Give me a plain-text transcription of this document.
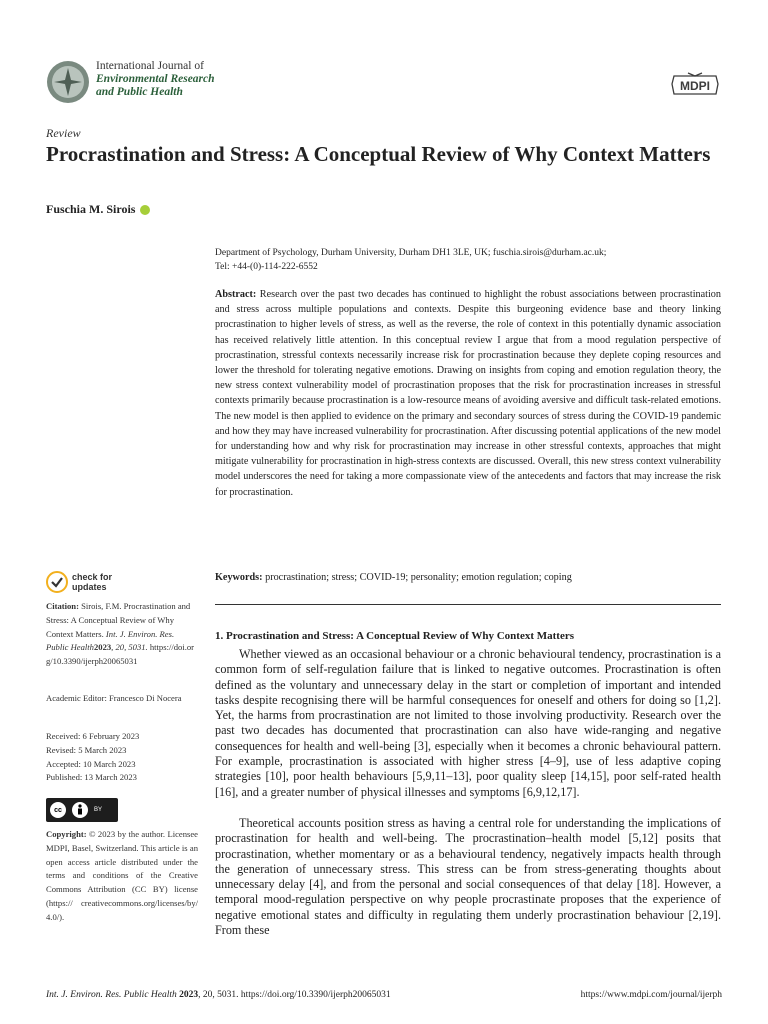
International Journal of
Environmental Research
and Public Health	MDPI
Review
Procrastination and Stress: A Conceptual Review of Why Context Matters
Fuschia M. Sirois
Department of Psychology, Durham University, Durham DH1 3LE, UK; fuschia.sirois@durham.ac.uk;
Tel: +44-(0)-114-222-6552
Abstract: Research over the past two decades has continued to highlight the robust associations between procrastination and stress across multiple populations and contexts. Despite this burgeoning evidence base and theory linking procrastination to higher levels of stress, as well as the reverse, the role of context in this potentially dynamic association has received relatively little attention. In this conceptual review I argue that from a mood regulation perspective of procrastination, stressful contexts necessarily increase risk for procrastination because they deplete coping resources and lower the threshold for tolerating negative emotions. Drawing on insights from coping and emotion regulation theory, the new stress context vulnerability model of procrastination proposes that the risk for procrastination increases in stressful contexts primarily because procrastination is a low-resource means of avoiding aversive and difficult task-related emotions. The new model is then applied to evidence on the primary and secondary sources of stress during the COVID-19 pandemic and how they may have increased vulnerability for procrastination. After discussing potential applications of the new model for understanding how and why risk for procrastination may increase in other stressful contexts, approaches that might mitigate vulnerability for procrastination in high-stress contexts are discussed. Overall, this new stress context vulnerability model underscores the need for taking a more compassionate view of the antecedents and factors that may increase the risk for procrastination.
Keywords: procrastination; stress; COVID-19; personality; emotion regulation; coping
check for
updates
Citation: Sirois, F.M. Procrastination and Stress: A Conceptual Review of Why Context Matters. Int. J. Environ. Res. Public Health2023, 20, 5031. https://doi.org/10.3390/ijerph20065031
Academic Editor: Francesco Di Nocera
Received: 6 February 2023
Revised: 5 March 2023
Accepted: 10 March 2023
Published: 13 March 2023
cc	BY
Copyright: © 2023 by the author. Licensee MDPI, Basel, Switzerland. This article is an open access article distributed under the terms and conditions of the Creative Commons Attribution (CC BY) license (https:// creativecommons.org/licenses/by/ 4.0/).
1. Procrastination and Stress: A Conceptual Review of Why Context Matters

Whether viewed as an occasional behaviour or a chronic behavioural tendency, procrastination is a common form of self-regulation failure that is linked to negative outcomes. Procrastination is often defined as the voluntary and unnecessary delay in the start or completion of important and intended tasks despite recognising there will be harmful consequences for oneself and others for doing so [1,2]. Yet, the harms from procrastination are not limited to those involving productivity. Research over the past two decades has documented that procrastination can also have wide-ranging and negative consequences for health and well-being [3], especially when it becomes a chronic behavioural pattern. For example, procrastination is associated with higher stress [4–9], use of less adaptive coping strategies [10], poor health behaviours [5,9,11–13], poor quality sleep [14,15], poor self-rated health [16], and a greater number of physical illnesses and symptoms [6,9,12,17].

Theoretical accounts position stress as having a central role for understanding the implications of procrastination for health and well-being. The procrastination–health model [5,12] posits that procrastination, whether momentary or as a behavioural tendency, negatively impacts health through the generation of unnecessary stress. This stress can be from stress-generating thoughts about unnecessary delay [4], and from the personal and social consequences of that delay [18]. However, a temporal mood-regulation perspective on why people procrastinate proposes that the experience of negative emotional states and difficulty in regulating them underly procrastination behaviour [2,19]. From these

Int. J. Environ. Res. Public Health 2023, 20, 5031. https://doi.org/10.3390/ijerph20065031	https://www.mdpi.com/journal/ijerph
